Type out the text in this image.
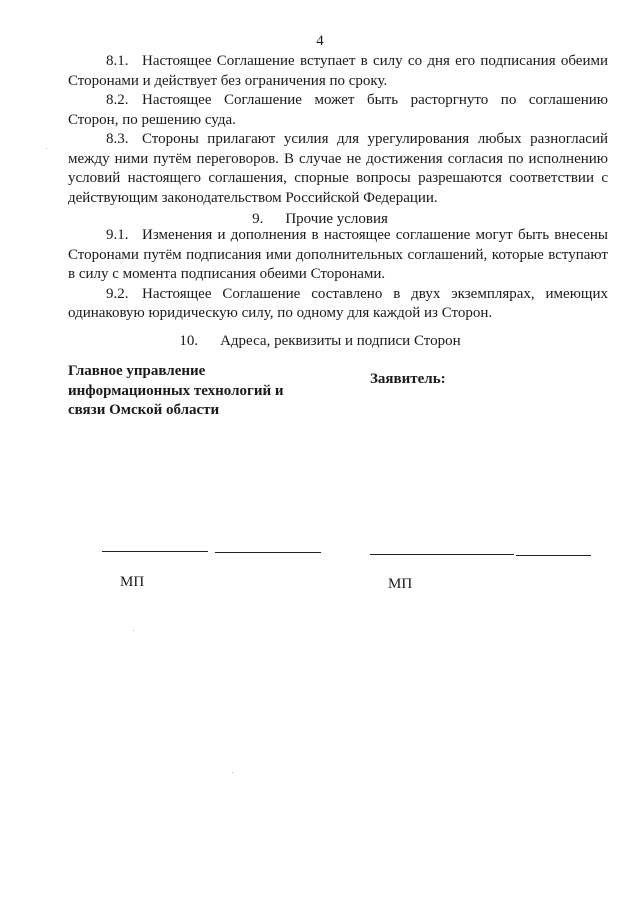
4

8.1. Настоящее Соглашение вступает в силу со дня его подписания обеими Сторонами и действует без ограничения по сроку.

8.2. Настоящее Соглашение может быть расторгнуто по соглашению Сторон, по решению суда.

8.3. Стороны прилагают усилия для урегулирования любых разногласий между ними путём переговоров. В случае не достижения согласия по исполнению условий настоящего соглашения, спорные вопросы разрешаются соответствии с действующим законодательством Российской Федерации.

9. Прочие условия

9.1. Изменения и дополнения в настоящее соглашение могут быть внесены Сторонами путём подписания ими дополнительных соглашений, которые вступают в силу с момента подписания обеими Сторонами.

9.2. Настоящее Соглашение составлено в двух экземплярах, имеющих одинаковую юридическую силу, по одному для каждой из Сторон.

10. Адреса, реквизиты и подписи Сторон
Главное управление
информационных технологий и
связи Омской области
Заявитель:
МП	МП
